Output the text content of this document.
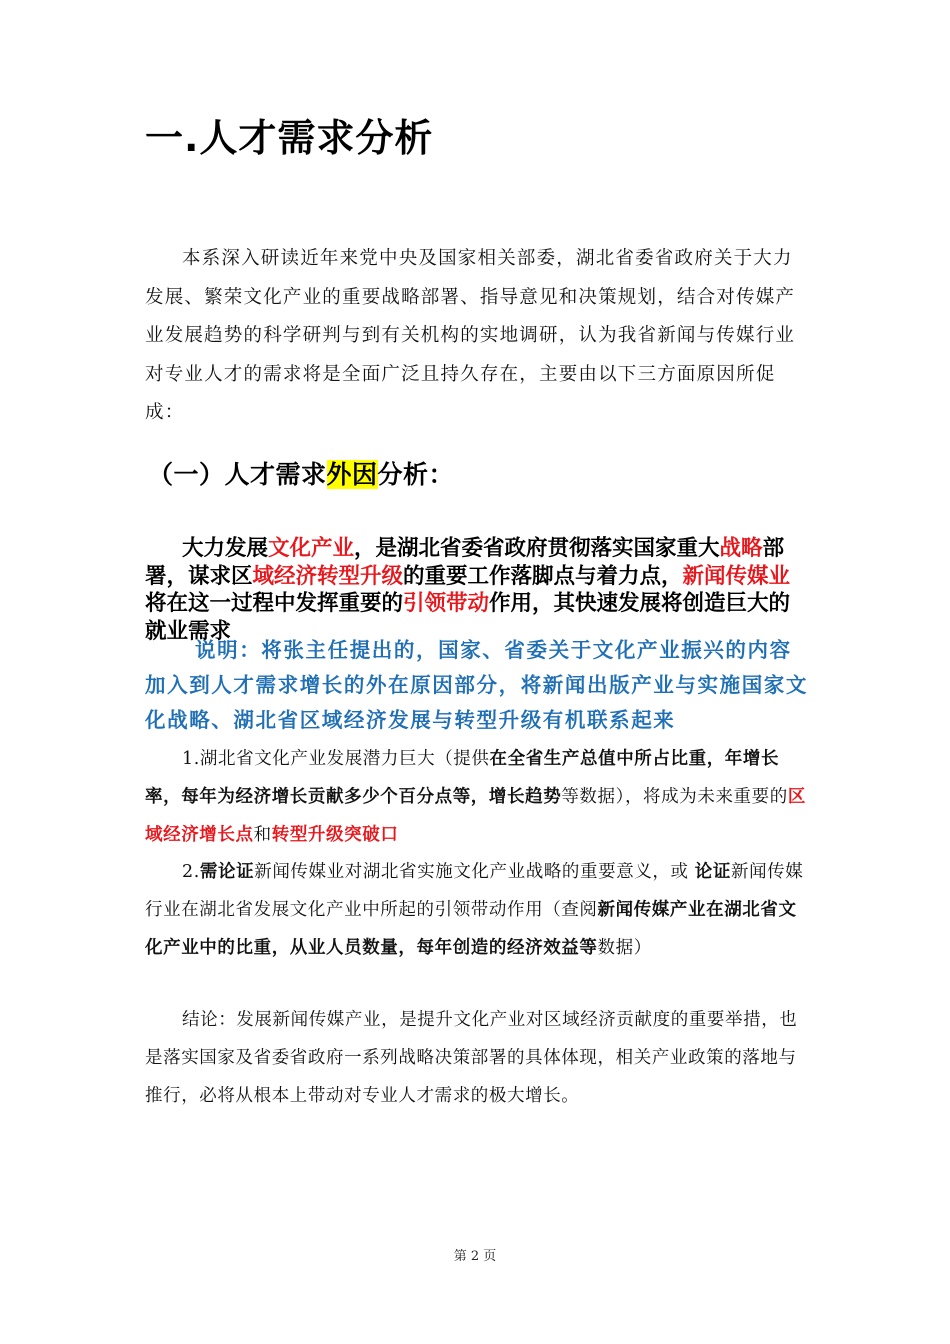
一.人才需求分析
本系深入研读近年来党中央及国家相关部委，湖北省委省政府关于大力发展、繁荣文化产业的重要战略部署、指导意见和决策规划，结合对传媒产业发展趋势的科学研判与到有关机构的实地调研，认为我省新闻与传媒行业对专业人才的需求将是全面广泛且持久存在，主要由以下三方面原因所促成：
（一）人才需求外因分析：
大力发展文化产业，是湖北省委省政府贯彻落实国家重大战略部署，谋求区域经济转型升级的重要工作落脚点与着力点，新闻传媒业将在这一过程中发挥重要的引领带动作用，其快速发展将创造巨大的就业需求
说明：将张主任提出的，国家、省委关于文化产业振兴的内容加入到人才需求增长的外在原因部分，将新闻出版产业与实施国家文化战略、湖北省区域经济发展与转型升级有机联系起来
1.湖北省文化产业发展潜力巨大（提供在全省生产总值中所占比重，年增长率，每年为经济增长贡献多少个百分点等，增长趋势等数据），将成为未来重要的区域经济增长点和转型升级突破口
2.需论证新闻传媒业对湖北省实施文化产业战略的重要意义，或 论证新闻传媒行业在湖北省发展文化产业中所起的引领带动作用（查阅新闻传媒产业在湖北省文化产业中的比重，从业人员数量，每年创造的经济效益等数据）
结论：发展新闻传媒产业，是提升文化产业对区域经济贡献度的重要举措，也是落实国家及省委省政府一系列战略决策部署的具体体现，相关产业政策的落地与推行，必将从根本上带动对专业人才需求的极大增长。
第 2 页
